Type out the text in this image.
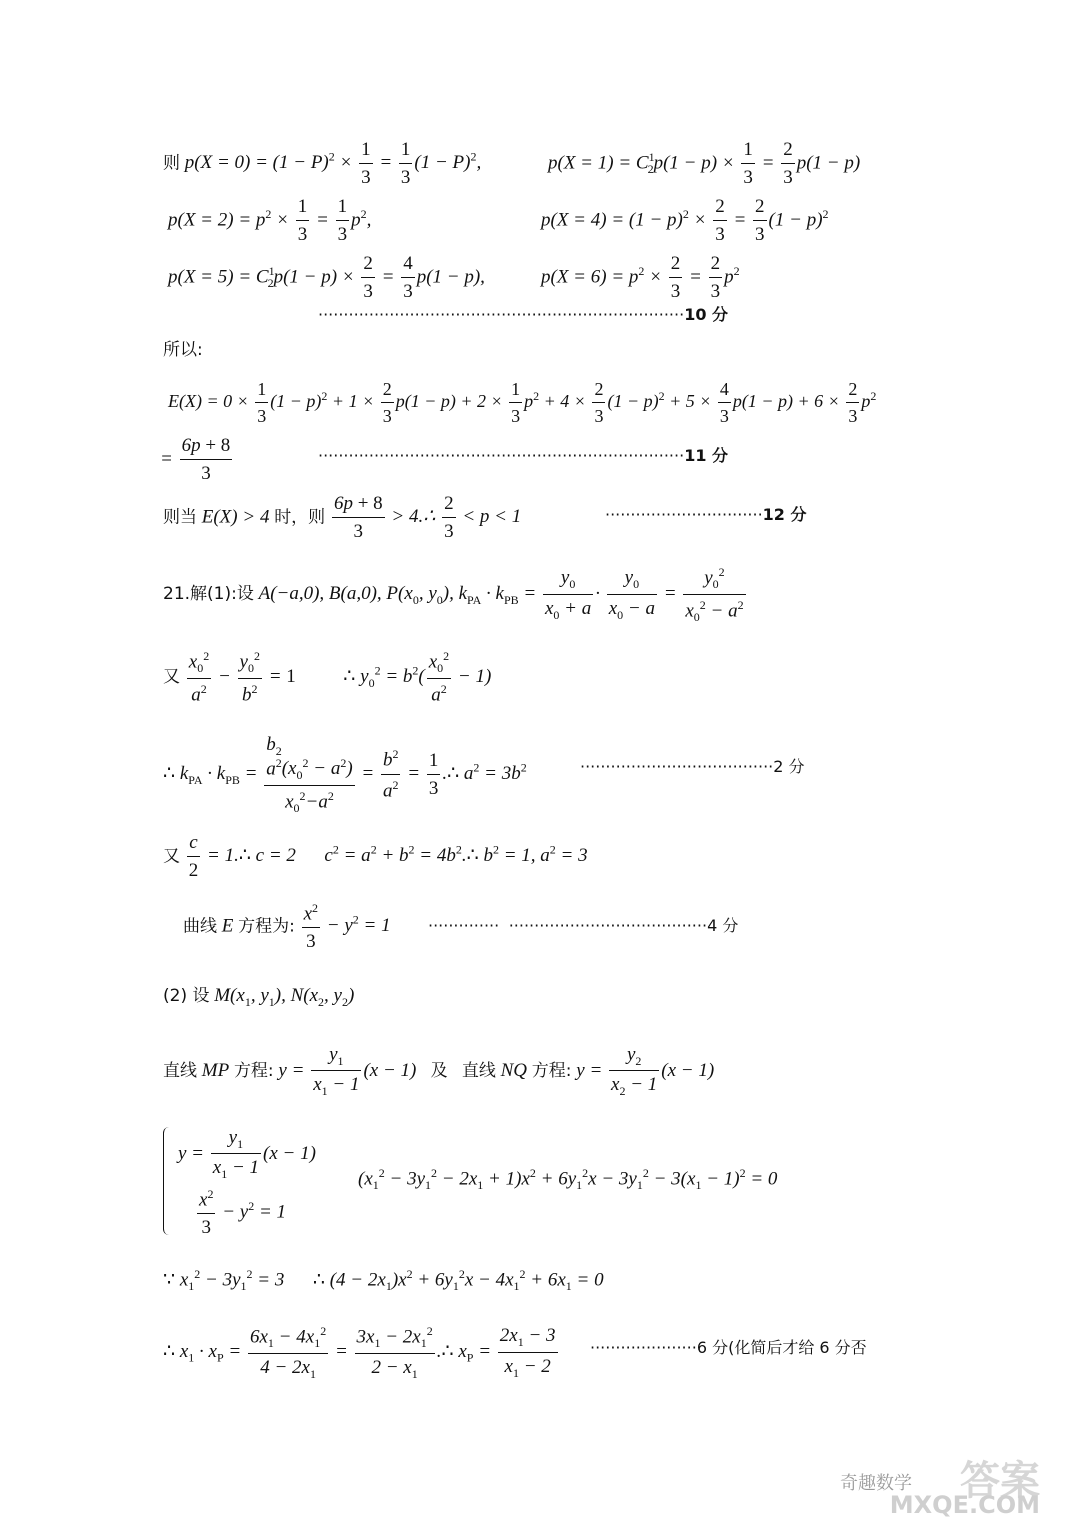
则 $p(X = 0) = (1 - P)^2 \times \frac{1}{3} = \frac{1}{3} (1 - P)^2$,	$p(X = 1) = C^1_2p(1 - p) \times \frac{1}{3} = \frac{2}{3} p(1 - p)$
$p(X = 2) = p^2 \times \frac{1}{3} = \frac{1}{3} p^2$,	$p(X = 4) = (1 - p)^2 \times \frac{2}{3} = \frac{2}{3} (1 - p)^2$
$p(X = 5) = C^1_2p(1 - p) \times \frac{2}{3} = \frac{4}{3} p(1 - p)$,	$p(X = 6) = p^2 \times \frac{2}{3} = \frac{2}{3} p^2$
········································································10 分
所以:
$E(X) = 0 \times \frac{1}{3} (1 - p)^2 + 1 \times \frac{2}{3} p(1 - p) + 2 \times \frac{1}{3} p^2 + 4 \times \frac{2}{3} (1 - p)^2 + 5 \times \frac{4}{3} p(1 - p) + 6 \times \frac{2}{3} p^2$
= $\frac{6p + 8}{3}$	········································································11 分
则当 E(X) > 4 时，则 $\frac{6p + 8}{3}$ > 4.∴ $\frac{2}{3} < p < 1$	·······························12 分
21.解(1):设 A(−a,0), B(a,0), $P(x_0$, $y_0$), $k_{PA} \cdot k_{PB} = \frac{y_0}{x_0 + a} \cdot \frac{y_0}{x_0 - a} = \frac{y_0^2}{x_0^2 - a^2}$
又 $\frac{x_0^2}{a^2} - \frac{y_0^2}{b^2} = 1$	∴ $y_0^2 = b^2( \frac{x_0^2}{a^2} - 1)$
∴ $k_{PA} \cdot k_{PB}$ =
$b_2$
$a^2(x_0^2 - a^2)$
$x_0^2-a^2$
= $\frac{b^2}{a^2} = \frac{1}{3}$ .∴ $a^2 = 3b^2$	······································2 分
又 $\frac{c}{2}$ = 1.∴ c = 2      $c^2 = a^2 + b^2$ = $4b^2.\therefore$ $b^2 = 1$, $a^2 = 3$
曲线 E 方程为: $\frac{x^2}{3} - y^2 = 1$ ·············· ·······································4 分
(2) 设 $M(x_1$, $y_1$), $N(x_2$, $y_2$)
直线 MP 方程: $y = \frac{y_1}{x_1 - 1} (x - 1)$ 及 直线 NQ 方程: $y = \frac{y_2}{x_2 - 1} (x - 1)$
$y = \frac{y_1}{x_1 - 1} (x - 1)$
$\frac{x^2}{3} - y^2 = 1$
$(x_1^2 - 3y_1^2 - 2x_1 + 1)x^2 + 6y_1^2x - 3y_1^2 - 3(x_1 - 1)^2 = 0$
∵ $x_1^2 - 3y_1^2 = 3$      ∴ $(4 - 2x_1)x^2 + 6y_1^2x - 4x_1^2 + 6x_1 = 0$
∴ $x_1 \cdot x_P = \frac{6x_1 - 4x_1^2}{4 - 2x_1} = \frac{3x_1 - 2x_1^2}{2 - x_1}$ .∴ $x_P = \frac{2x_1 - 3}{x_1 - 2} \cdot\cdot\cdot\cdot\cdot\cdot\cdot\cdot\cdot\cdot\cdot\cdot\cdot\cdot\cdot\cdot\cdot\cdot\cdot\cdot\cdot 6$ 分(化简后才给 6 分否
答案
奇趣数学
MXQE.COM
